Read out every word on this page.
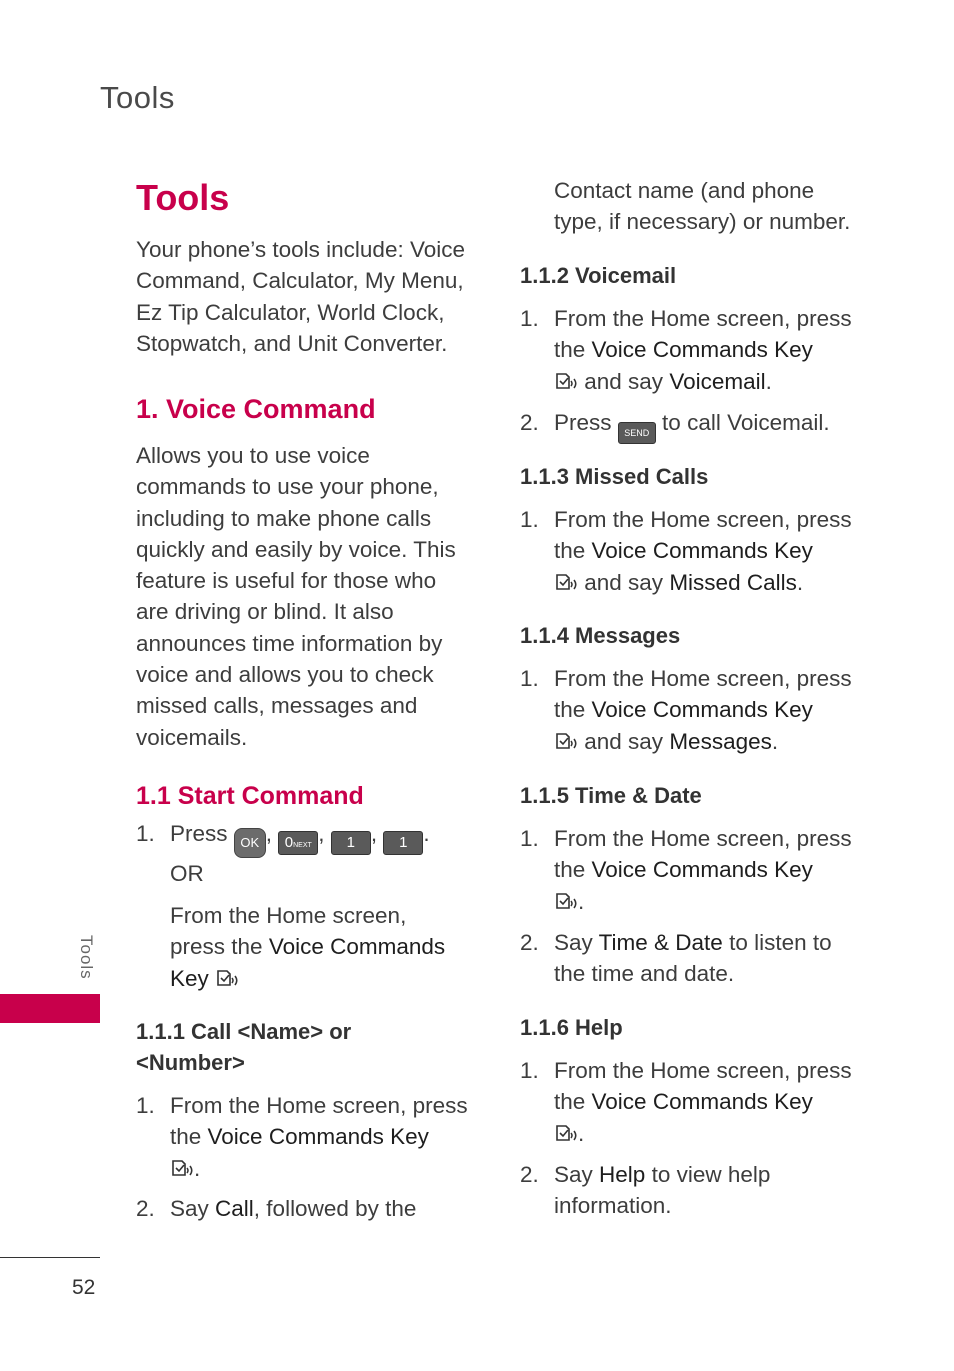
Tools
Tools
Your phone’s tools include: Voice Command, Calculator, My Menu, Ez Tip Calculator, World Clock, Stopwatch, and Unit Converter.
1. Voice Command
Allows you to use voice commands to use your phone, including to make phone calls quickly and easily by voice. This feature is useful for those who are driving or blind. It also announces time information by voice and allows you to check missed calls, messages and voicemails.
1.1 Start Command
1. Press OK , 0NEXT , 1 , 1 .
OR
From the Home screen,
press the Voice Commands
Key
1.1.1 Call <Name> or
<Number>
1. From the Home screen, press
the Voice Commands Key
.
2. Say Call, followed by the
Contact name (and phone
type, if necessary) or number.
1.1.2 Voicemail
1. From the Home screen, press
the Voice Commands Key
and say Voicemail.
2. Press SEND to call Voicemail.
1.1.3 Missed Calls
1. From the Home screen, press
the Voice Commands Key
and say Missed Calls.
1.1.4 Messages
1. From the Home screen, press
the Voice Commands Key
and say Messages.
1.1.5 Time & Date
1. From the Home screen, press
the Voice Commands Key
.
2. Say Time & Date to listen to
the time and date.
1.1.6 Help
1. From the Home screen, press
the Voice Commands Key
.
2. Say Help to view help
information.
Tools
52
